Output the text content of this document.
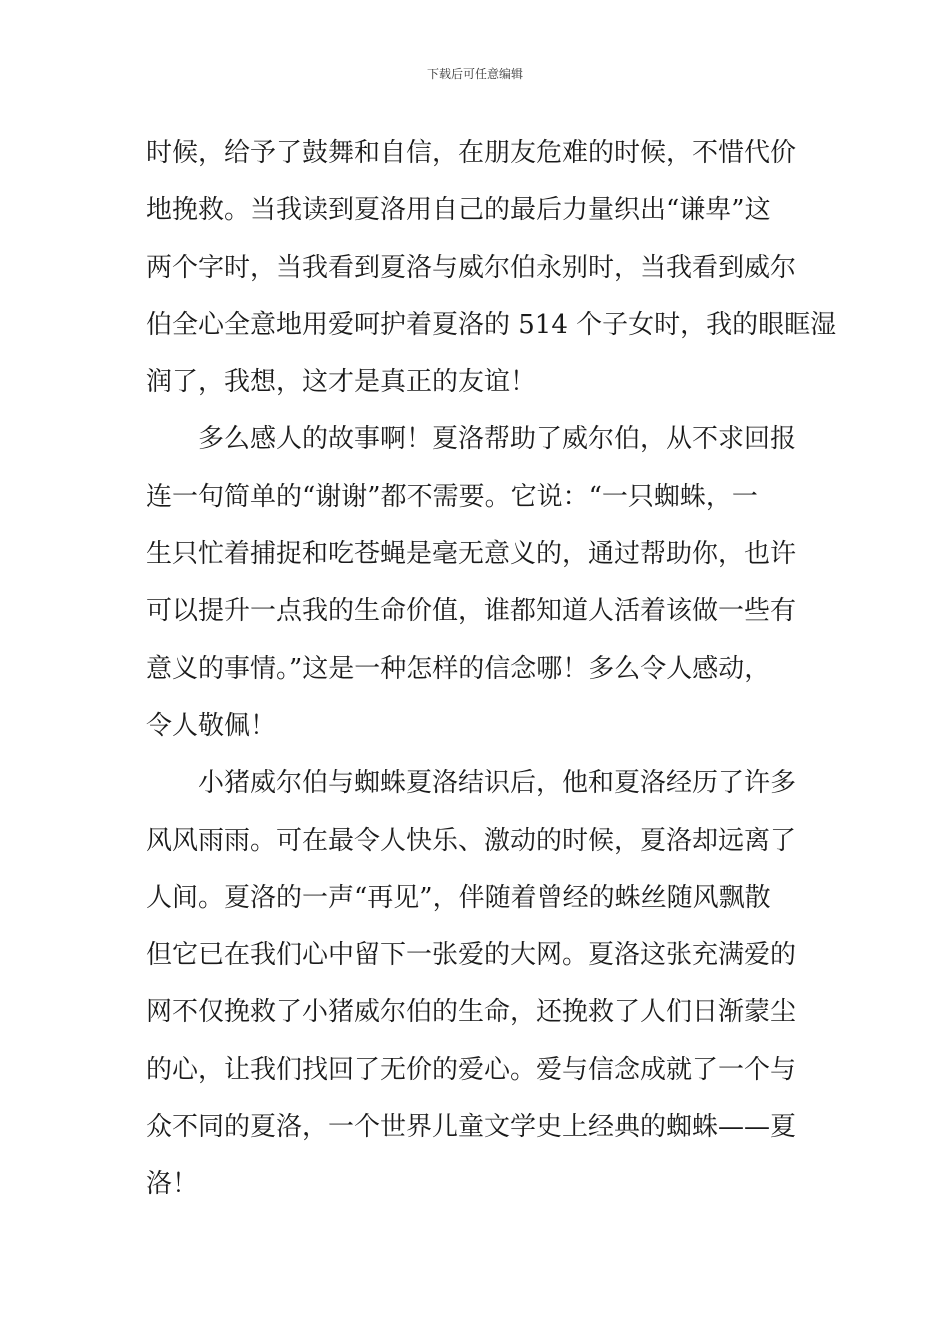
下载后可任意编辑
时候，给予了鼓舞和自信，在朋友危难的时候，不惜代价
地挽救。当我读到夏洛用自己的最后力量织出“谦卑”这
两个字时，当我看到夏洛与威尔伯永别时，当我看到威尔
伯全心全意地用爱呵护着夏洛的 514 个子女时，我的眼眶湿
润了，我想，这才是真正的友谊！
多么感人的故事啊！夏洛帮助了威尔伯，从不求回报
连一句简单的“谢谢”都不需要。它说：“一只蜘蛛，一
生只忙着捕捉和吃苍蝇是毫无意义的，通过帮助你，也许
可以提升一点我的生命价值，谁都知道人活着该做一些有
意义的事情。”这是一种怎样的信念哪！多么令人感动，
令人敬佩！
小猪威尔伯与蜘蛛夏洛结识后，他和夏洛经历了许多
风风雨雨。可在最令人快乐、激动的时候，夏洛却远离了
人间。夏洛的一声“再见”，伴随着曾经的蛛丝随风飘散
但它已在我们心中留下一张爱的大网。夏洛这张充满爱的
网不仅挽救了小猪威尔伯的生命，还挽救了人们日渐蒙尘
的心，让我们找回了无价的爱心。爱与信念成就了一个与
众不同的夏洛，一个世界儿童文学史上经典的蜘蛛——夏
洛！
